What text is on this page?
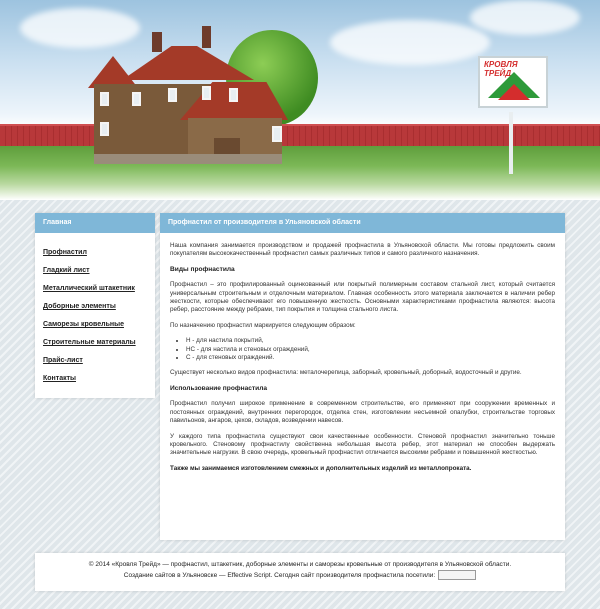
КРОВЛЯ ТРЕЙД
Главная
Профнастил
Гладкий лист
Металлический штакетник
Доборные элементы
Саморезы кровельные
Строительные материалы
Прайс-лист
Контакты
Профнастил от производителя в Ульяновской области

Наша компания занимается производством и продажей профнастила в Ульяновской области. Мы готовы предложить своим покупателям высококачественный профнастил самых различных типов и самого различного назначения.

Виды профнастила

Профнастил – это профилированный оцинкованный или покрытый полимерным составом стальной лист, который считается универсальным строительным и отделочным материалом. Главная особенность этого материала заключается в наличии ребер жесткости, которые обеспечивают его повышенную жесткость. Основными характеристиками профнастила являются: высота ребер, расстояние между ребрами, тип покрытия и толщина стального листа.

По назначению профнастил маркируется следующим образом:

• Н - для настила покрытий,
• НС - для настила и стеновых ограждений,
• С - для стеновых ограждений.

Существует несколько видов профнастила: металочерепица, заборный, кровельный, доборный, водосточный и другие.

Использование профнастила

Профнастил получил широкое применение в современном строительстве, его применяют при сооружении временных и постоянных ограждений, внутренних перегородок, отделка стен, изготовлении несъемной опалубки, строительстве торговых павильонов, ангаров, цехов, складов, возведении навесов.

У каждого типа профнастила существуют свои качественные особенности. Стеновой профнастил значительно тоньше кровельного. Стеновому профнастилу свойственна небольшая высота ребер, этот материал не способен выдержать значительные нагрузки. В свою очередь, кровельный профнастил отличается высокими ребрами и повышенной жесткостью.

Также мы занимаемся изготовлением смежных и дополнительных изделий из металлопроката.

© 2014 «Кровля Трейд» — профнастил, штакетник, доборные элементы и саморезы кровельные от производителя в Ульяновской области.
Создание сайтов в Ульяновске — Effective Script. Сегодня сайт производителя профнастила посетили:
